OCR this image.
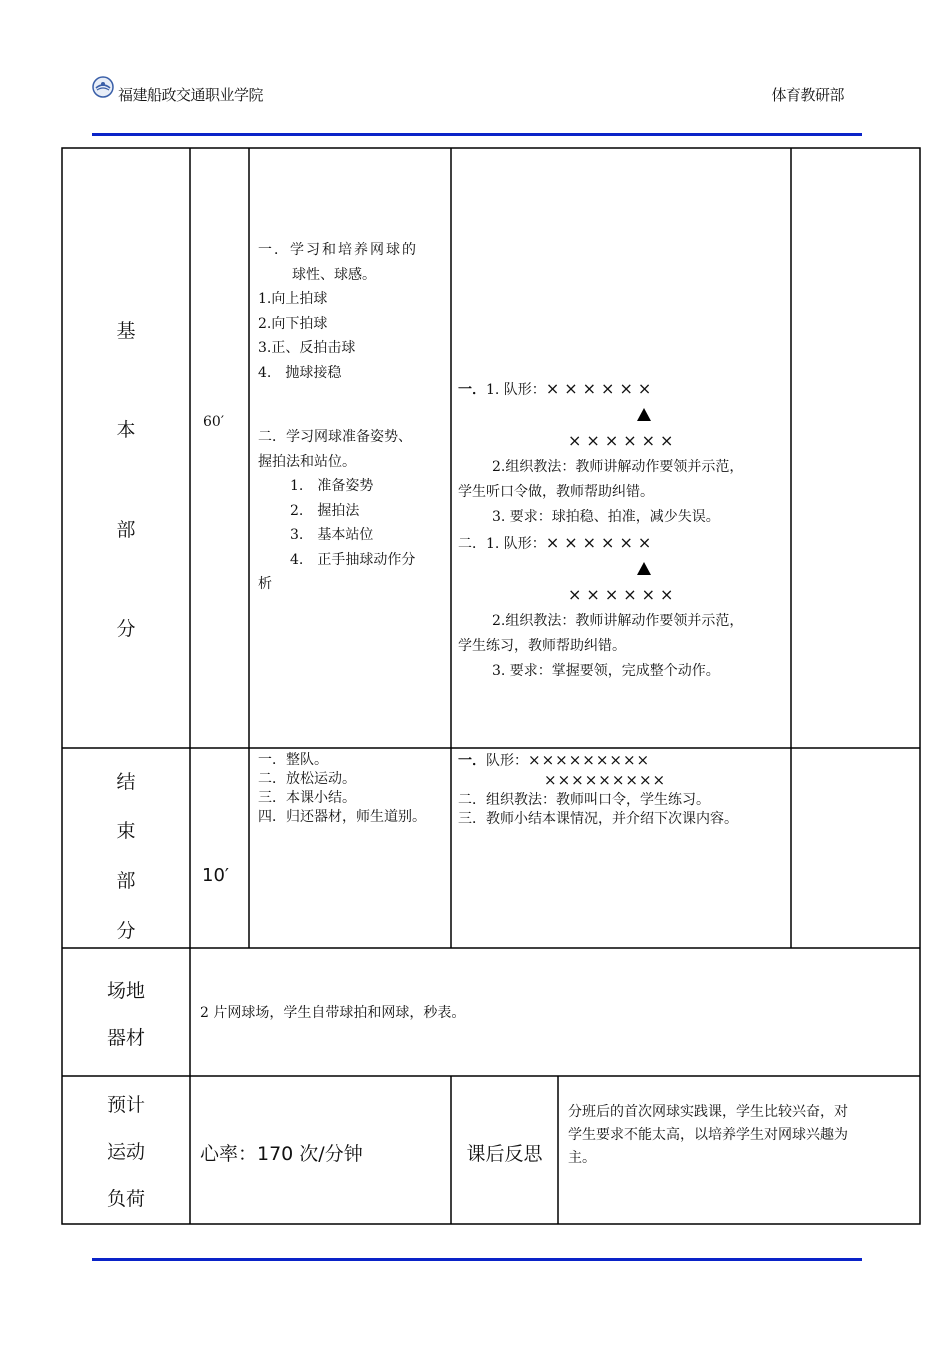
福建船政交通职业学院	体育教研部
基
本
部
分
60′
一．学习和培养网球的
球性、球感。
1.向上拍球
2.向下拍球
3.正、反拍击球
4.　抛球接稳
二．学习网球准备姿势、
握拍法和站位。
1.　准备姿势
2.　握拍法
3.　基本站位
4.　正手抽球动作分
析
一．1. 队形：××××××
××××××
2.组织教法：教师讲解动作要领并示范，
学生听口令做，教师帮助纠错。
3. 要求：球拍稳、拍准，减少失误。
二．1. 队形：××××××
××××××
2.组织教法：教师讲解动作要领并示范，
学生练习，教师帮助纠错。
3. 要求：掌握要领，完成整个动作。
结
束
部
分
10′
一．整队。
二．放松运动。
三．本课小结。
四．归还器材，师生道别。
一．队形：×××××××××
×××××××××
二．组织教法：教师叫口令，学生练习。
三．教师小结本课情况，并介绍下次课内容。
场地
器材
2 片网球场，学生自带球拍和网球，秒表。
预计
运动
负荷
心率：170 次/分钟	课后反思
分班后的首次网球实践课，学生比较兴奋，对
学生要求不能太高，以培养学生对网球兴趣为
主。
